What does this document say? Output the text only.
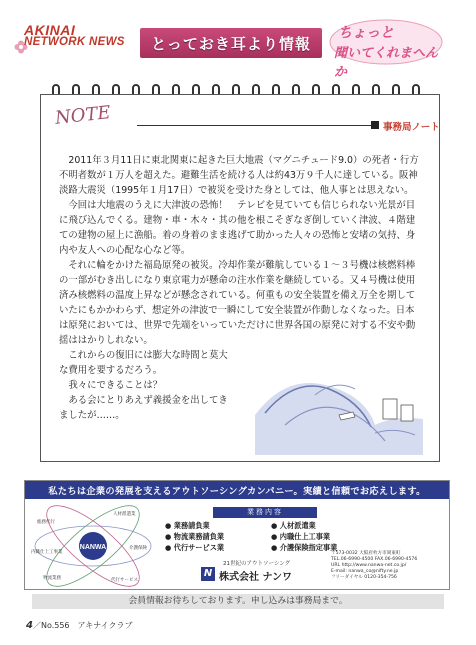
AKINAI
NETWORK NEWS とっておき耳より情報
ちょっと
聞いてくれまへんか
NOTE	事務局ノート

2011年３月11日に東北関東に起きた巨大地震（マグニチュード9.0）の死者・行方不明者数が１万人を超えた。避難生活を続ける人は約43万９千人に達している。阪神淡路大震災（1995年１月17日）で被災を受けた身としては、他人事とは思えない。

今回は大地震のうえに大津波の恐怖！　テレビを見ていても信じられない光景が目に飛び込んでくる。建物・車・木々・其の他を根こそぎなぎ倒していく津波、４階建ての建物の屋上に漁船。着の身着のまま逃げて助かった人々の恐怖と安堵の気持、身内や友人への心配な心など等。

それに輪をかけた福島原発の被災。冷却作業が難航している１〜３号機は核燃料棒の一部がむき出しになり東京電力が懸命の注水作業を継続している。又４号機は使用済み核燃料の温度上昇などが懸念されている。何重もの安全装置を備え万全を期していたにもかかわらず、想定外の津波で一瞬にして安全装置が作動しなくなった。日本は原発においては、世界で先端をいっていただけに世界各国の原発に対する不安や動揺ははかりしれない。

これからの復旧には膨大な時間と莫大な費用を要するだろう。

我々にできることは？

ある会にとりあえず義援金を出してきましたが……。

私たちは企業の発展を支えるアウトソーシングカンパニー。実績と信頼でお応えします。
NANWA
人材派遣業
総務代行
介護保険
内職仕上工事業
物流業務	代行サービス
業務内容
● 業務請負業	● 人材派遣業
● 物流業務請負業	● 内職仕上工事業
● 代行サービス業	● 介護保険指定事業
21世紀のアウトソーシング
N 株式会社 ナンワ
〒573-0032 大阪府枚方市岡東町
TEL.06-6990-4500 FAX.06-6990-4576
URL http://www.nanwa-net.co.jp/
E-mail: nanwa_co@nifty.ne.jp
フリーダイヤル 0120-354-756
会員情報お待ちしております。申し込みは事務局まで。
4／No.556　 アキナイクラブ
